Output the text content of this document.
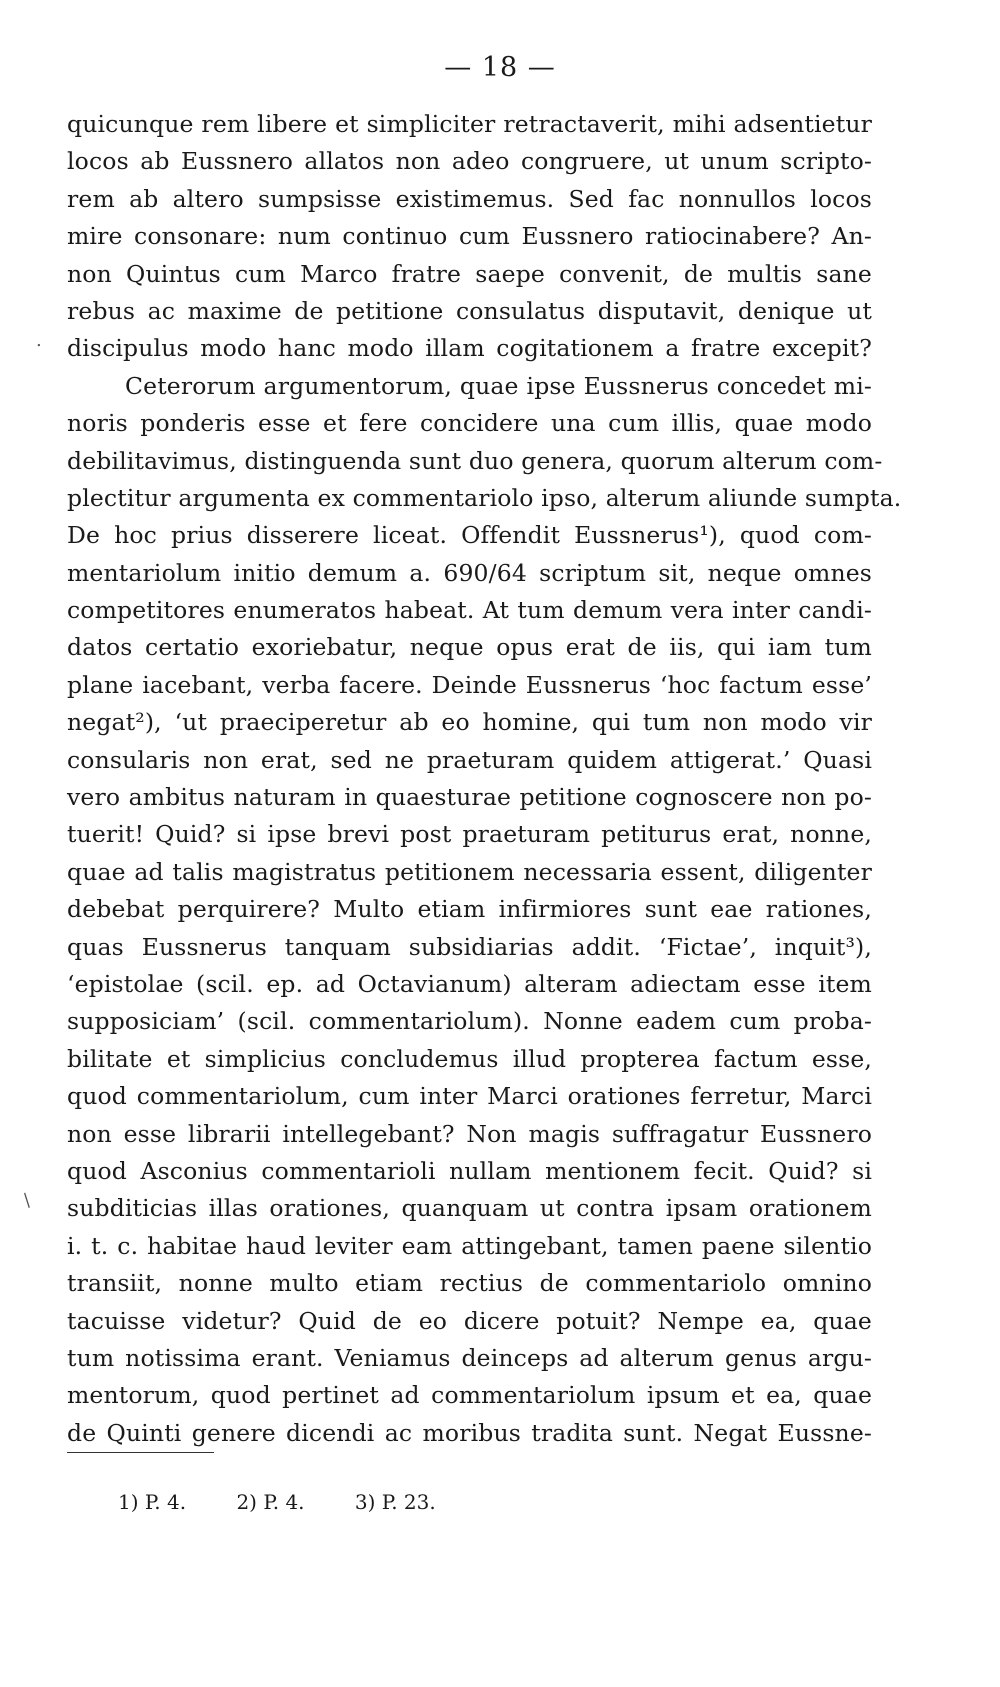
— 18 —
quicunque rem libere et simpliciter retractaverit, mihi adsentietur
locos ab Eussnero allatos non adeo congruere, ut unum scripto-
rem ab altero sumpsisse existimemus. Sed fac nonnullos locos
mire consonare: num continuo cum Eussnero ratiocinabere? An-
non Quintus cum Marco fratre saepe convenit, de multis sane
rebus ac maxime de petitione consulatus disputavit, denique ut
discipulus modo hanc modo illam cogitationem a fratre excepit?
Ceterorum argumentorum, quae ipse Eussnerus concedet mi-
noris ponderis esse et fere concidere una cum illis, quae modo
debilitavimus, distinguenda sunt duo genera, quorum alterum com-
plectitur argumenta ex commentariolo ipso, alterum aliunde sumpta.
De hoc prius disserere liceat. Offendit Eussnerus¹), quod com-
mentariolum initio demum a. 690/64 scriptum sit, neque omnes
competitores enumeratos habeat. At tum demum vera inter candi-
datos certatio exoriebatur, neque opus erat de iis, qui iam tum
plane iacebant, verba facere. Deinde Eussnerus ‘hoc factum esse’
negat²), ‘ut praeciperetur ab eo homine, qui tum non modo vir
consularis non erat, sed ne praeturam quidem attigerat.’ Quasi
vero ambitus naturam in quaesturae petitione cognoscere non po-
tuerit! Quid? si ipse brevi post praeturam petiturus erat, nonne,
quae ad talis magistratus petitionem necessaria essent, diligenter
debebat perquirere? Multo etiam infirmiores sunt eae rationes,
quas Eussnerus tanquam subsidiarias addit. ‘Fictae’, inquit³),
‘epistolae (scil. ep. ad Octavianum) alteram adiectam esse item
supposiciam’ (scil. commentariolum). Nonne eadem cum proba-
bilitate et simplicius concludemus illud propterea factum esse,
quod commentariolum, cum inter Marci orationes ferretur, Marci
non esse librarii intellegebant? Non magis suffragatur Eussnero
quod Asconius commentarioli nullam mentionem fecit. Quid? si
subditicias illas orationes, quanquam ut contra ipsam orationem
i. t. c. habitae haud leviter eam attingebant, tamen paene silentio
transiit, nonne multo etiam rectius de commentariolo omnino
tacuisse videtur? Quid de eo dicere potuit? Nempe ea, quae
tum notissima erant. Veniamus deinceps ad alterum genus argu-
mentorum, quod pertinet ad commentariolum ipsum et ea, quae
de Quinti genere dicendi ac moribus tradita sunt. Negat Eussne-
.
/
1) P. 4.	2) P. 4.	3) P. 23.
